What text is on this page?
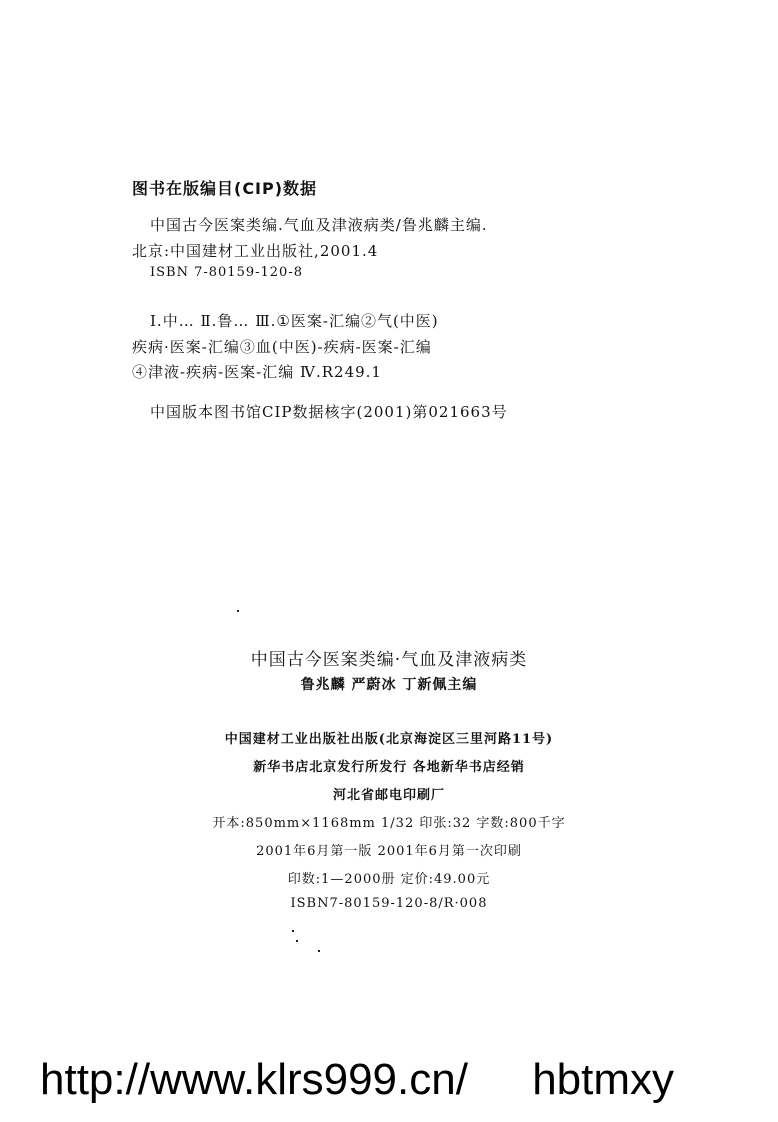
图书在版编目(CIP)数据
中国古今医案类编.气血及津液病类/鲁兆麟主编.
北京:中国建材工业出版社,2001.4
ISBN 7-80159-120-8
Ⅰ.中… Ⅱ.鲁… Ⅲ.①医案-汇编②气(中医)
疾病·医案-汇编③血(中医)-疾病-医案-汇编
④津液-疾病-医案-汇编 Ⅳ.R249.1
中国版本图书馆CIP数据核字(2001)第021663号
中国古今医案类编·气血及津液病类
鲁兆麟 严蔚冰 丁新佩主编
中国建材工业出版社出版(北京海淀区三里河路11号)
新华书店北京发行所发行 各地新华书店经销
河北省邮电印刷厂
开本:850mm×1168mm 1/32 印张:32 字数:800千字
2001年6月第一版 2001年6月第一次印刷
印数:1—2000册 定价:49.00元
ISBN7-80159-120-8/R·008
http://www.klrs999.cn/ hbtmxy
